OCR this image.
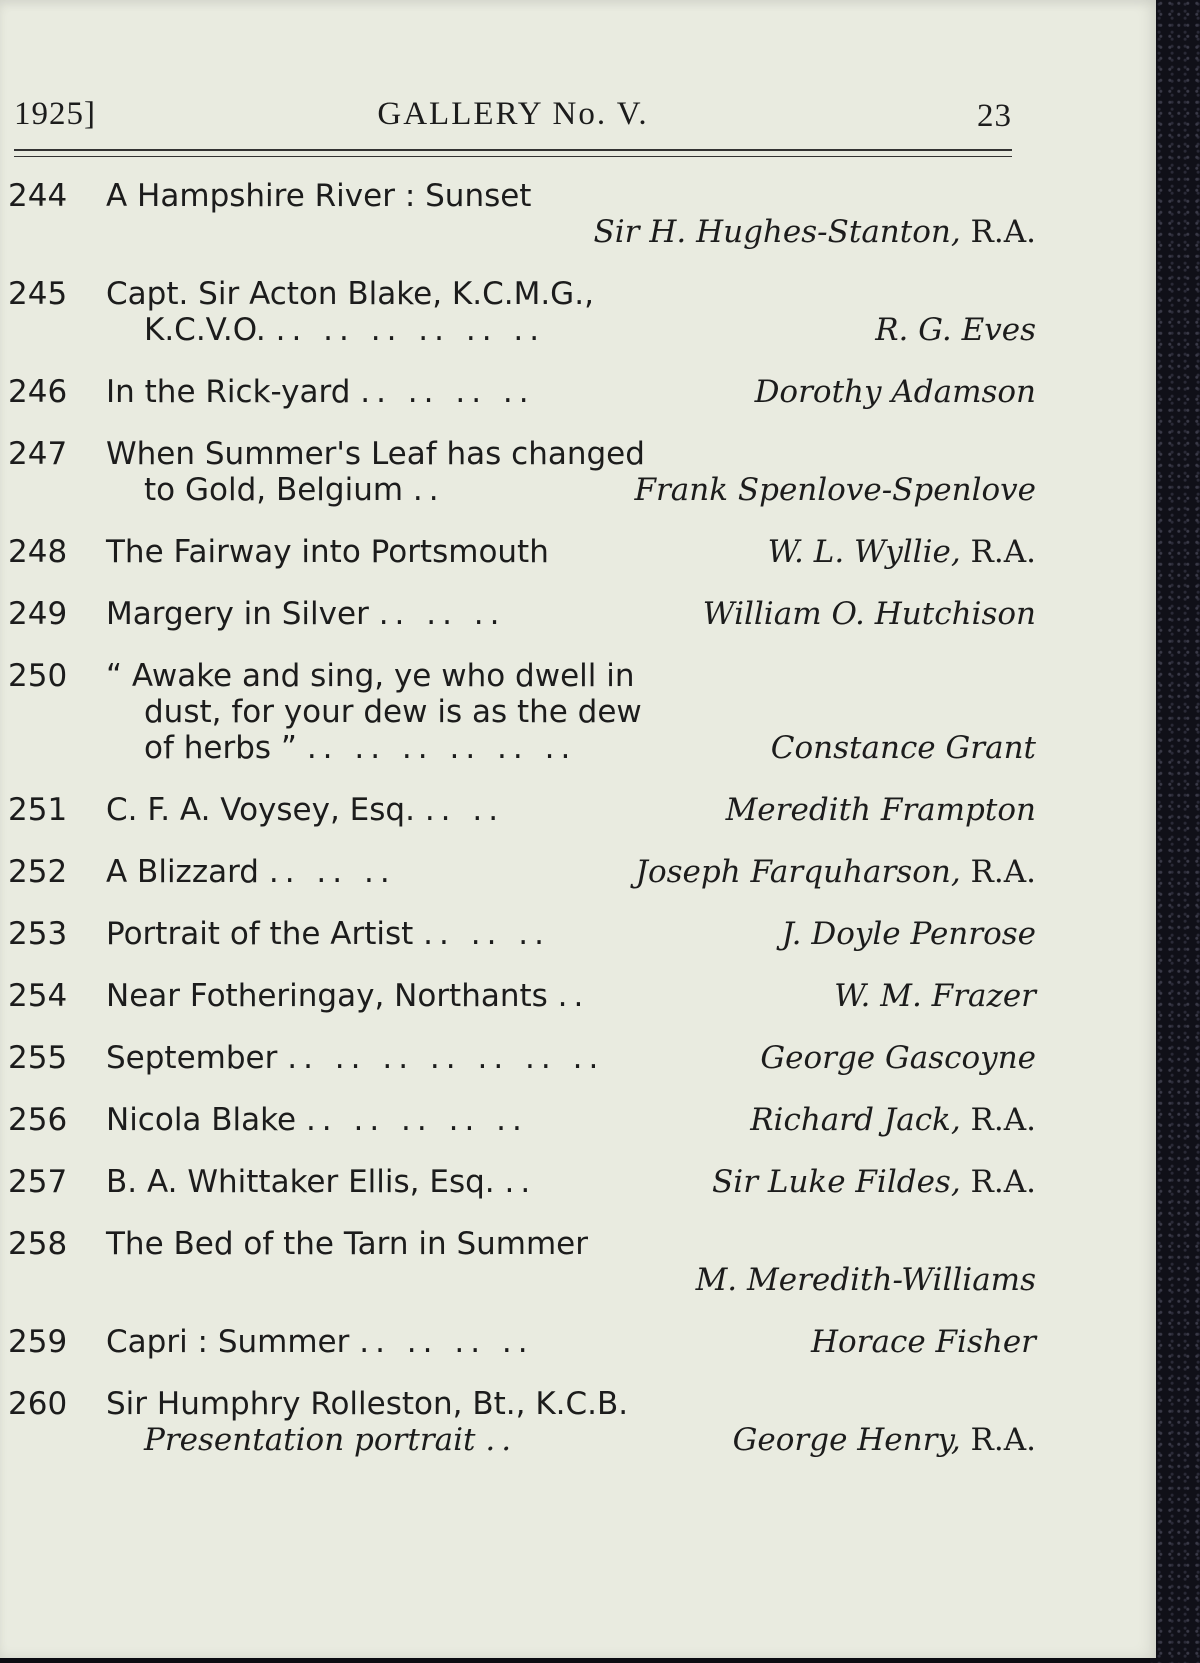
1925]	GALLERY No. V.	23
244	A Hampshire River : Sunset
Sir H. Hughes-Stanton, R.A.
245	Capt. Sir Acton Blake, K.C.M.G.,
K.C.V.O. .. .. .. .. .. ..	R. G. Eves
246	In the Rick-yard .. .. .. ..	Dorothy Adamson
247	When Summer's Leaf has changed
to Gold, Belgium ..	Frank Spenlove-Spenlove
248	The Fairway into Portsmouth	W. L. Wyllie, R.A.
249	Margery in Silver .. .. ..	William O. Hutchison
250	“ Awake and sing, ye who dwell in
dust, for your dew is as the dew
of herbs ” .. .. .. .. .. ..	Constance Grant
251	C. F. A. Voysey, Esq. .. ..	Meredith Frampton
252	A Blizzard .. .. ..	Joseph Farquharson, R.A.
253	Portrait of the Artist .. .. ..	J. Doyle Penrose
254	Near Fotheringay, Northants ..	W. M. Frazer
255	September .. .. .. .. .. .. ..	George Gascoyne
256	Nicola Blake .. .. .. .. ..	Richard Jack, R.A.
257	B. A. Whittaker Ellis, Esq. ..	Sir Luke Fildes, R.A.
258	The Bed of the Tarn in Summer
M. Meredith-Williams
259	Capri : Summer .. .. .. ..	Horace Fisher
260	Sir Humphry Rolleston, Bt., K.C.B.
Presentation portrait ..	George Henry, R.A.
